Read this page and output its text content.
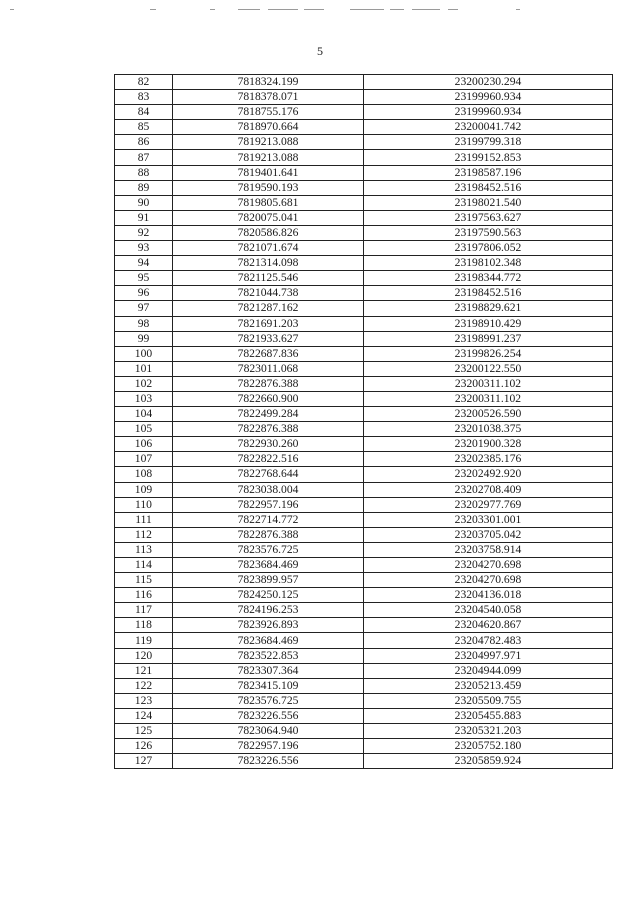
5
82	7818324.199	23200230.294
83	7818378.071	23199960.934
84	7818755.176	23199960.934
85	7818970.664	23200041.742
86	7819213.088	23199799.318
87	7819213.088	23199152.853
88	7819401.641	23198587.196
89	7819590.193	23198452.516
90	7819805.681	23198021.540
91	7820075.041	23197563.627
92	7820586.826	23197590.563
93	7821071.674	23197806.052
94	7821314.098	23198102.348
95	7821125.546	23198344.772
96	7821044.738	23198452.516
97	7821287.162	23198829.621
98	7821691.203	23198910.429
99	7821933.627	23198991.237
100	7822687.836	23199826.254
101	7823011.068	23200122.550
102	7822876.388	23200311.102
103	7822660.900	23200311.102
104	7822499.284	23200526.590
105	7822876.388	23201038.375
106	7822930.260	23201900.328
107	7822822.516	23202385.176
108	7822768.644	23202492.920
109	7823038.004	23202708.409
110	7822957.196	23202977.769
111	7822714.772	23203301.001
112	7822876.388	23203705.042
113	7823576.725	23203758.914
114	7823684.469	23204270.698
115	7823899.957	23204270.698
116	7824250.125	23204136.018
117	7824196.253	23204540.058
118	7823926.893	23204620.867
119	7823684.469	23204782.483
120	7823522.853	23204997.971
121	7823307.364	23204944.099
122	7823415.109	23205213.459
123	7823576.725	23205509.755
124	7823226.556	23205455.883
125	7823064.940	23205321.203
126	7822957.196	23205752.180
127	7823226.556	23205859.924
